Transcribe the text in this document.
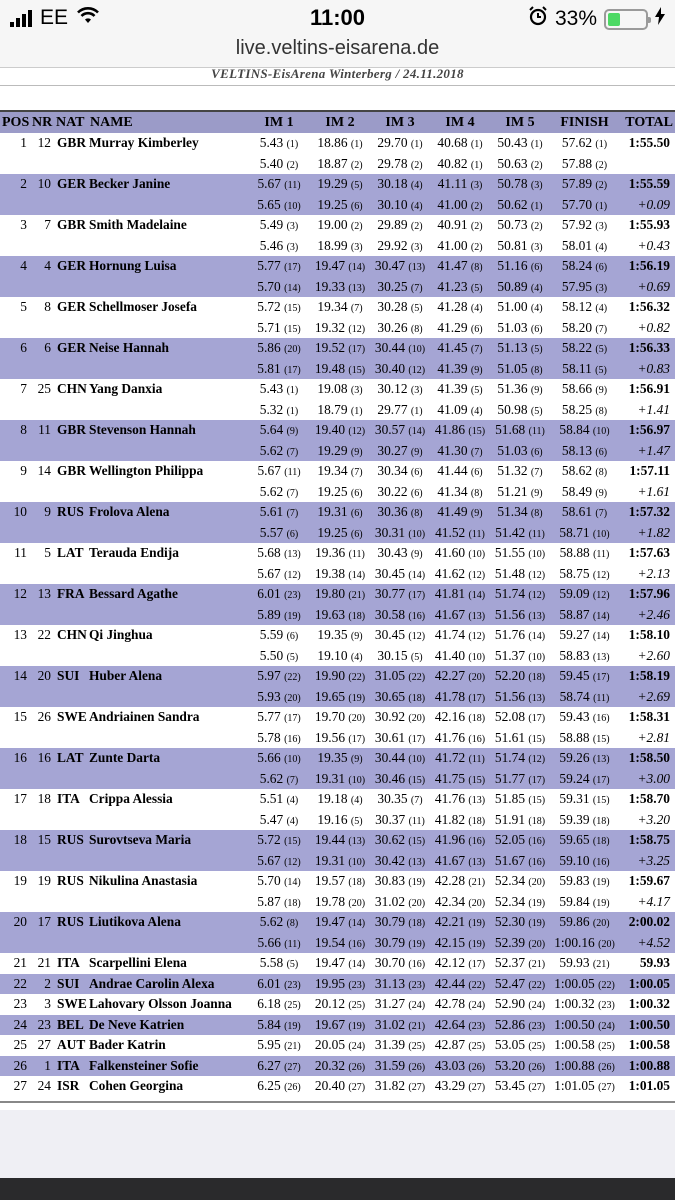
EE	11:00	33%
live.veltins-eisarena.de
VELTINS-EisArena Winterberg / 24.11.2018
POS	NR	NAT	NAME	IM 1	IM 2	IM 3	IM 4	IM 5	FINISH	TOTAL
1	12	GBR	Murray Kimberley	5.43 (1)	18.86 (1)	29.70 (1)	40.68 (1)	50.43 (1)	57.62 (1)	1:55.50
				5.40 (2)	18.87 (2)	29.78 (2)	40.82 (1)	50.63 (2)	57.88 (2)	
2	10	GER	Becker Janine	5.67 (11)	19.29 (5)	30.18 (4)	41.11 (3)	50.78 (3)	57.89 (2)	1:55.59
				5.65 (10)	19.25 (6)	30.10 (4)	41.00 (2)	50.62 (1)	57.70 (1)	+0.09
3	7	GBR	Smith Madelaine	5.49 (3)	19.00 (2)	29.89 (2)	40.91 (2)	50.73 (2)	57.92 (3)	1:55.93
				5.46 (3)	18.99 (3)	29.92 (3)	41.00 (2)	50.81 (3)	58.01 (4)	+0.43
4	4	GER	Hornung Luisa	5.77 (17)	19.47 (14)	30.47 (13)	41.47 (8)	51.16 (6)	58.24 (6)	1:56.19
				5.70 (14)	19.33 (13)	30.25 (7)	41.23 (5)	50.89 (4)	57.95 (3)	+0.69
5	8	GER	Schellmoser Josefa	5.72 (15)	19.34 (7)	30.28 (5)	41.28 (4)	51.00 (4)	58.12 (4)	1:56.32
				5.71 (15)	19.32 (12)	30.26 (8)	41.29 (6)	51.03 (6)	58.20 (7)	+0.82
6	6	GER	Neise Hannah	5.86 (20)	19.52 (17)	30.44 (10)	41.45 (7)	51.13 (5)	58.22 (5)	1:56.33
				5.81 (17)	19.48 (15)	30.40 (12)	41.39 (9)	51.05 (8)	58.11 (5)	+0.83
7	25	CHN	Yang Danxia	5.43 (1)	19.08 (3)	30.12 (3)	41.39 (5)	51.36 (9)	58.66 (9)	1:56.91
				5.32 (1)	18.79 (1)	29.77 (1)	41.09 (4)	50.98 (5)	58.25 (8)	+1.41
8	11	GBR	Stevenson Hannah	5.64 (9)	19.40 (12)	30.57 (14)	41.86 (15)	51.68 (11)	58.84 (10)	1:56.97
				5.62 (7)	19.29 (9)	30.27 (9)	41.30 (7)	51.03 (6)	58.13 (6)	+1.47
9	14	GBR	Wellington Philippa	5.67 (11)	19.34 (7)	30.34 (6)	41.44 (6)	51.32 (7)	58.62 (8)	1:57.11
				5.62 (7)	19.25 (6)	30.22 (6)	41.34 (8)	51.21 (9)	58.49 (9)	+1.61
10	9	RUS	Frolova Alena	5.61 (7)	19.31 (6)	30.36 (8)	41.49 (9)	51.34 (8)	58.61 (7)	1:57.32
				5.57 (6)	19.25 (6)	30.31 (10)	41.52 (11)	51.42 (11)	58.71 (10)	+1.82
11	5	LAT	Terauda Endija	5.68 (13)	19.36 (11)	30.43 (9)	41.60 (10)	51.55 (10)	58.88 (11)	1:57.63
				5.67 (12)	19.38 (14)	30.45 (14)	41.62 (12)	51.48 (12)	58.75 (12)	+2.13
12	13	FRA	Bessard Agathe	6.01 (23)	19.80 (21)	30.77 (17)	41.81 (14)	51.74 (12)	59.09 (12)	1:57.96
				5.89 (19)	19.63 (18)	30.58 (16)	41.67 (13)	51.56 (13)	58.87 (14)	+2.46
13	22	CHN	Qi Jinghua	5.59 (6)	19.35 (9)	30.45 (12)	41.74 (12)	51.76 (14)	59.27 (14)	1:58.10
				5.50 (5)	19.10 (4)	30.15 (5)	41.40 (10)	51.37 (10)	58.83 (13)	+2.60
14	20	SUI	Huber Alena	5.97 (22)	19.90 (22)	31.05 (22)	42.27 (20)	52.20 (18)	59.45 (17)	1:58.19
				5.93 (20)	19.65 (19)	30.65 (18)	41.78 (17)	51.56 (13)	58.74 (11)	+2.69
15	26	SWE	Andriainen Sandra	5.77 (17)	19.70 (20)	30.92 (20)	42.16 (18)	52.08 (17)	59.43 (16)	1:58.31
				5.78 (16)	19.56 (17)	30.61 (17)	41.76 (16)	51.61 (15)	58.88 (15)	+2.81
16	16	LAT	Zunte Darta	5.66 (10)	19.35 (9)	30.44 (10)	41.72 (11)	51.74 (12)	59.26 (13)	1:58.50
				5.62 (7)	19.31 (10)	30.46 (15)	41.75 (15)	51.77 (17)	59.24 (17)	+3.00
17	18	ITA	Crippa Alessia	5.51 (4)	19.18 (4)	30.35 (7)	41.76 (13)	51.85 (15)	59.31 (15)	1:58.70
				5.47 (4)	19.16 (5)	30.37 (11)	41.82 (18)	51.91 (18)	59.39 (18)	+3.20
18	15	RUS	Surovtseva Maria	5.72 (15)	19.44 (13)	30.62 (15)	41.96 (16)	52.05 (16)	59.65 (18)	1:58.75
				5.67 (12)	19.31 (10)	30.42 (13)	41.67 (13)	51.67 (16)	59.10 (16)	+3.25
19	19	RUS	Nikulina Anastasia	5.70 (14)	19.57 (18)	30.83 (19)	42.28 (21)	52.34 (20)	59.83 (19)	1:59.67
				5.87 (18)	19.78 (20)	31.02 (20)	42.34 (20)	52.34 (19)	59.84 (19)	+4.17
20	17	RUS	Liutikova Alena	5.62 (8)	19.47 (14)	30.79 (18)	42.21 (19)	52.30 (19)	59.86 (20)	2:00.02
				5.66 (11)	19.54 (16)	30.79 (19)	42.15 (19)	52.39 (20)	1:00.16 (20)	+4.52
21	21	ITA	Scarpellini Elena	5.58 (5)	19.47 (14)	30.70 (16)	42.12 (17)	52.37 (21)	59.93 (21)	59.93
22	2	SUI	Andrae Carolin Alexa	6.01 (23)	19.95 (23)	31.13 (23)	42.44 (22)	52.47 (22)	1:00.05 (22)	1:00.05
23	3	SWE	Lahovary Olsson Joanna	6.18 (25)	20.12 (25)	31.27 (24)	42.78 (24)	52.90 (24)	1:00.32 (23)	1:00.32
24	23	BEL	De Neve Katrien	5.84 (19)	19.67 (19)	31.02 (21)	42.64 (23)	52.86 (23)	1:00.50 (24)	1:00.50
25	27	AUT	Bader Katrin	5.95 (21)	20.05 (24)	31.39 (25)	42.87 (25)	53.05 (25)	1:00.58 (25)	1:00.58
26	1	ITA	Falkensteiner Sofie	6.27 (27)	20.32 (26)	31.59 (26)	43.03 (26)	53.20 (26)	1:00.88 (26)	1:00.88
27	24	ISR	Cohen Georgina	6.25 (26)	20.40 (27)	31.82 (27)	43.29 (27)	53.45 (27)	1:01.05 (27)	1:01.05
